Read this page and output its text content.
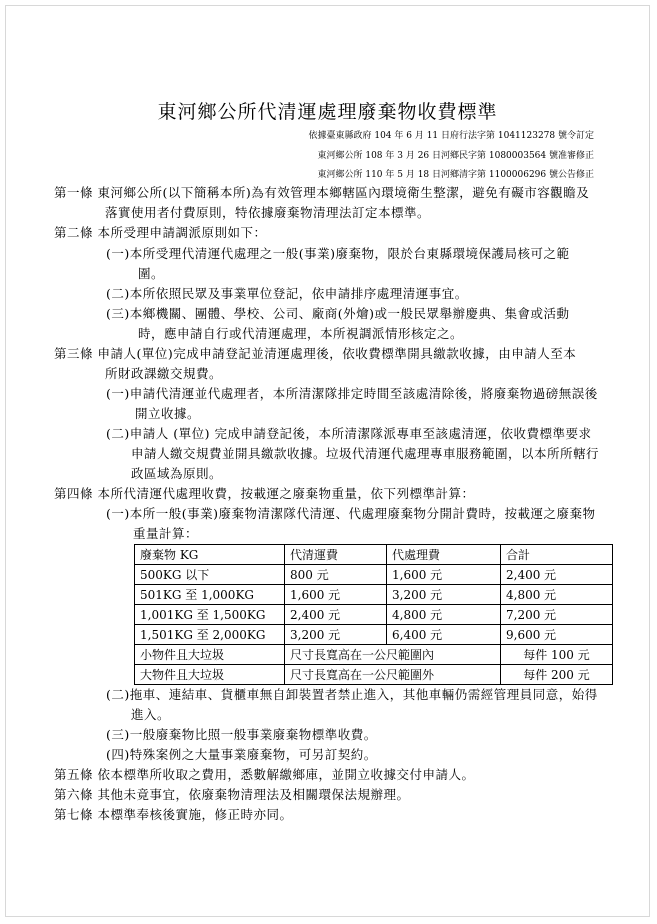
東河鄉公所代清運處理廢棄物收費標準
依據臺東縣政府 104 年 6 月 11 日府行法字第 1041123278 號令訂定
東河鄉公所 108 年 3 月 26 日河鄉民字第 1080003564 號准審修正
東河鄉公所 110 年 5 月 18 日河鄉清字第 1100006296 號公告修正
第一條 東河鄉公所(以下簡稱本所)為有效管理本鄉轄區內環境衛生整潔，避免有礙市容觀瞻及
落實使用者付費原則，特依據廢棄物清理法訂定本標準。
第二條 本所受理申請調派原則如下：
(一)本所受理代清運代處理之一般(事業)廢棄物，限於台東縣環境保護局核可之範
圍。
(二)本所依照民眾及事業單位登記，依申請排序處理清運事宜。
(三)本鄉機關、團體、學校、公司、廠商(外燴)或一般民眾舉辦慶典、集會或活動
時，應申請自行或代清運處理，本所視調派情形核定之。
第三條 申請人(單位)完成申請登記並清運處理後，依收費標準開具繳款收據，由申請人至本
所財政課繳交規費。
(一)申請代清運並代處理者，本所清潔隊排定時間至該處清除後，將廢棄物過磅無誤後
開立收據。
(二)申請人 (單位) 完成申請登記後，本所清潔隊派專車至該處清運，依收費標準要求
申請人繳交規費並開具繳款收據。垃圾代清運代處理專車服務範圍，以本所所轄行
政區域為原則。
第四條 本所代清運代處理收費，按載運之廢棄物重量，依下列標準計算：
(一)本所一般(事業)廢棄物清潔隊代清運、代處理廢棄物分開計費時，按載運之廢棄物
重量計算：
廢棄物 KG	代清運費	代處理費	合計
500KG 以下	800 元	1,600 元	2,400 元
501KG 至 1,000KG	1,600 元	3,200 元	4,800 元
1,001KG 至 1,500KG	2,400 元	4,800 元	7,200 元
1,501KG 至 2,000KG	3,200 元	6,400 元	9,600 元
小物件且大垃圾	尺寸長寬高在一公尺範圍內		每件 100 元
大物件且大垃圾	尺寸長寬高在一公尺範圍外		每件 200 元
(二)拖車、連結車、貨櫃車無自卸裝置者禁止進入，其他車輛仍需經管理員同意，始得
進入。
(三)一般廢棄物比照一般事業廢棄物標準收費。
(四)特殊案例之大量事業廢棄物，可另訂契約。
第五條 依本標準所收取之費用，悉數解繳鄉庫，並開立收據交付申請人。
第六條 其他未竟事宜，依廢棄物清理法及相關環保法規辦理。
第七條 本標準奉核後實施，修正時亦同。
